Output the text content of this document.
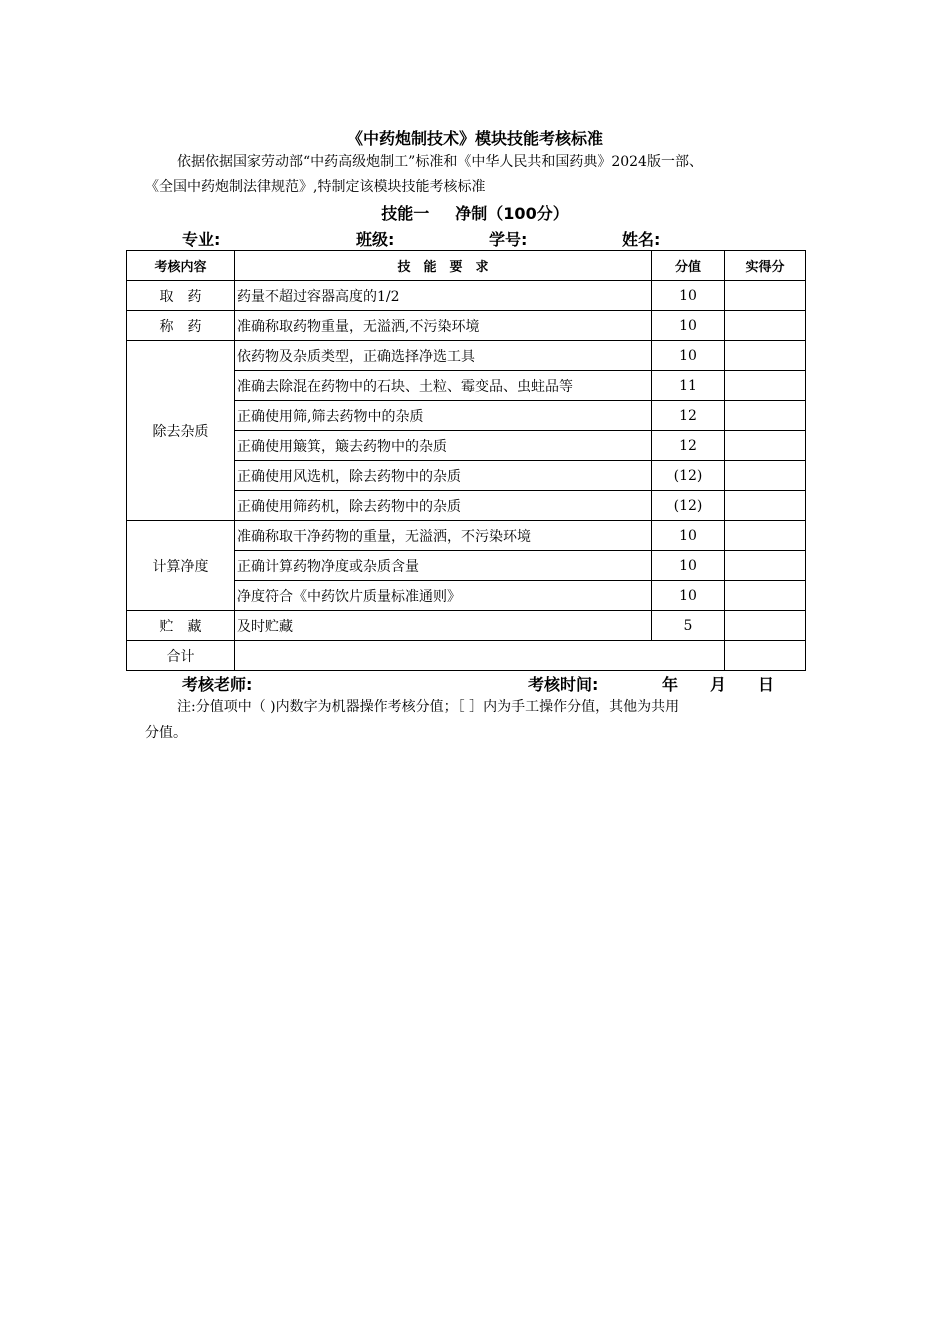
《中药炮制技术》模块技能考核标准
依据依据国家劳动部“中药高级炮制工”标准和《中华人民共和国药典》2024版一部、
《全国中药炮制法律规范》,特制定该模块技能考核标准
技能一 净制（100分）
专业:	班级:	学号:	姓名:
考核内容	技　能　要　求	分值	实得分
取　药	药量不超过容器高度的1/2	10	
称　药	准确称取药物重量，无溢洒,不污染环境	10	
除去杂质	依药物及杂质类型，正确选择净选工具	10	
	准确去除混在药物中的石块、土粒、霉变品、虫蛀品等	11	
	正确使用筛,筛去药物中的杂质	12	
	正确使用簸箕，簸去药物中的杂质	12	
	正确使用风选机，除去药物中的杂质	(12)	
	正确使用筛药机，除去药物中的杂质	(12)	
计算净度	准确称取干净药物的重量，无溢洒，不污染环境	10	
	正确计算药物净度或杂质含量	10	
	净度符合《中药饮片质量标准通则》	10	
贮　藏	及时贮藏	5	
合计			
考核老师:	考核时间:	年 月 日
注:分值项中（ )内数字为机器操作考核分值；［ ］内为手工操作分值，其他为共用
分值。
